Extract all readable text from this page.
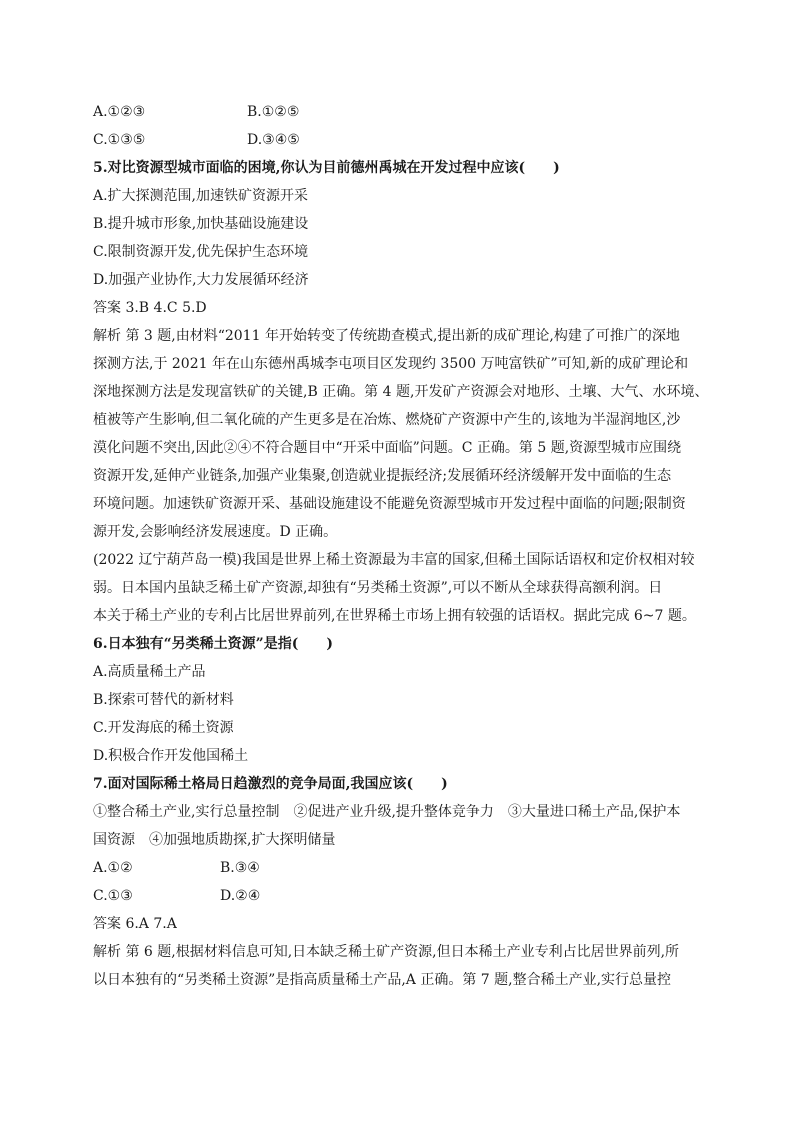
A.①②③	B.①②⑤
C.①③⑤	D.③④⑤
5.对比资源型城市面临的困境,你认为目前德州禹城在开发过程中应该(　　)
A.扩大探测范围,加速铁矿资源开采
B.提升城市形象,加快基础设施建设
C.限制资源开发,优先保护生态环境
D.加强产业协作,大力发展循环经济
答案 3.B 4.C 5.D
解析 第 3 题,由材料“2011 年开始转变了传统勘查模式,提出新的成矿理论,构建了可推广的深地
探测方法,于 2021 年在山东德州禹城李屯项目区发现约 3500 万吨富铁矿”可知,新的成矿理论和
深地探测方法是发现富铁矿的关键,B 正确。第 4 题,开发矿产资源会对地形、土壤、大气、水环境、
植被等产生影响,但二氧化硫的产生更多是在冶炼、燃烧矿产资源中产生的,该地为半湿润地区,沙
漠化问题不突出,因此②④不符合题目中“开采中面临”问题。C 正确。第 5 题,资源型城市应围绕
资源开发,延伸产业链条,加强产业集聚,创造就业提振经济;发展循环经济缓解开发中面临的生态
环境问题。加速铁矿资源开采、基础设施建设不能避免资源型城市开发过程中面临的问题;限制资
源开发,会影响经济发展速度。D 正确。
(2022 辽宁葫芦岛一模)我国是世界上稀土资源最为丰富的国家,但稀土国际话语权和定价权相对较
弱。日本国内虽缺乏稀土矿产资源,却独有“另类稀土资源”,可以不断从全球获得高额利润。日
本关于稀土产业的专利占比居世界前列,在世界稀土市场上拥有较强的话语权。据此完成 6~7 题。
6.日本独有“另类稀土资源”是指(　　)
A.高质量稀土产品
B.探索可替代的新材料
C.开发海底的稀土资源
D.积极合作开发他国稀土
7.面对国际稀土格局日趋激烈的竞争局面,我国应该(　　)
①整合稀土产业,实行总量控制　②促进产业升级,提升整体竞争力　③大量进口稀土产品,保护本
国资源　④加强地质勘探,扩大探明储量
A.①②	B.③④
C.①③	D.②④
答案 6.A 7.A
解析 第 6 题,根据材料信息可知,日本缺乏稀土矿产资源,但日本稀土产业专利占比居世界前列,所
以日本独有的“另类稀土资源”是指高质量稀土产品,A 正确。第 7 题,整合稀土产业,实行总量控
